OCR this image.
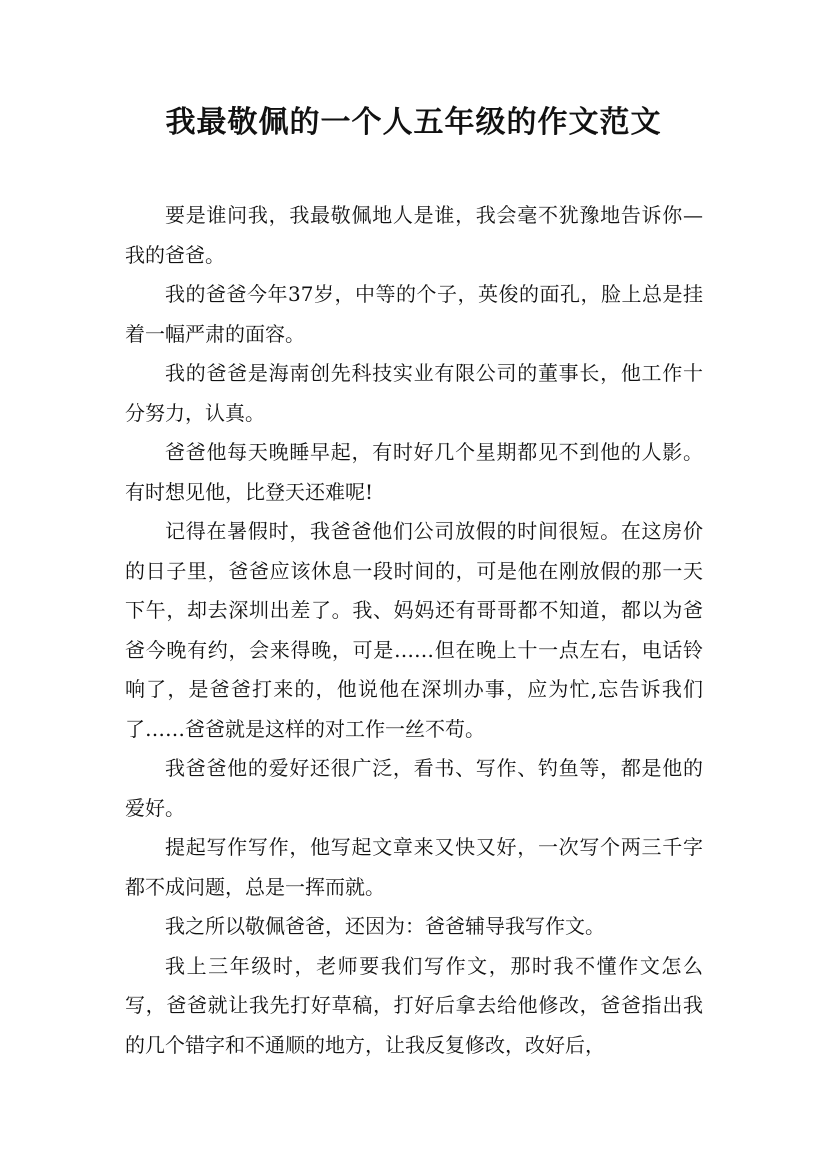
我最敬佩的一个人五年级的作文范文

要是谁问我，我最敬佩地人是谁，我会毫不犹豫地告诉你—我的爸爸。

我的爸爸今年37岁，中等的个子，英俊的面孔，脸上总是挂着一幅严肃的面容。

我的爸爸是海南创先科技实业有限公司的董事长，他工作十分努力，认真。

爸爸他每天晚睡早起，有时好几个星期都见不到他的人影。有时想见他，比登天还难呢!

记得在暑假时，我爸爸他们公司放假的时间很短。在这房价的日子里，爸爸应该休息一段时间的，可是他在刚放假的那一天下午，却去深圳出差了。我、妈妈还有哥哥都不知道，都以为爸爸今晚有约，会来得晚，可是……但在晚上十一点左右，电话铃响了，是爸爸打来的，他说他在深圳办事，应为忙,忘告诉我们了……爸爸就是这样的对工作一丝不苟。

我爸爸他的爱好还很广泛，看书、写作、钓鱼等，都是他的爱好。

提起写作写作，他写起文章来又快又好，一次写个两三千字都不成问题，总是一挥而就。

我之所以敬佩爸爸，还因为：爸爸辅导我写作文。

我上三年级时，老师要我们写作文，那时我不懂作文怎么写，爸爸就让我先打好草稿，打好后拿去给他修改，爸爸指出我的几个错字和不通顺的地方，让我反复修改，改好后，
